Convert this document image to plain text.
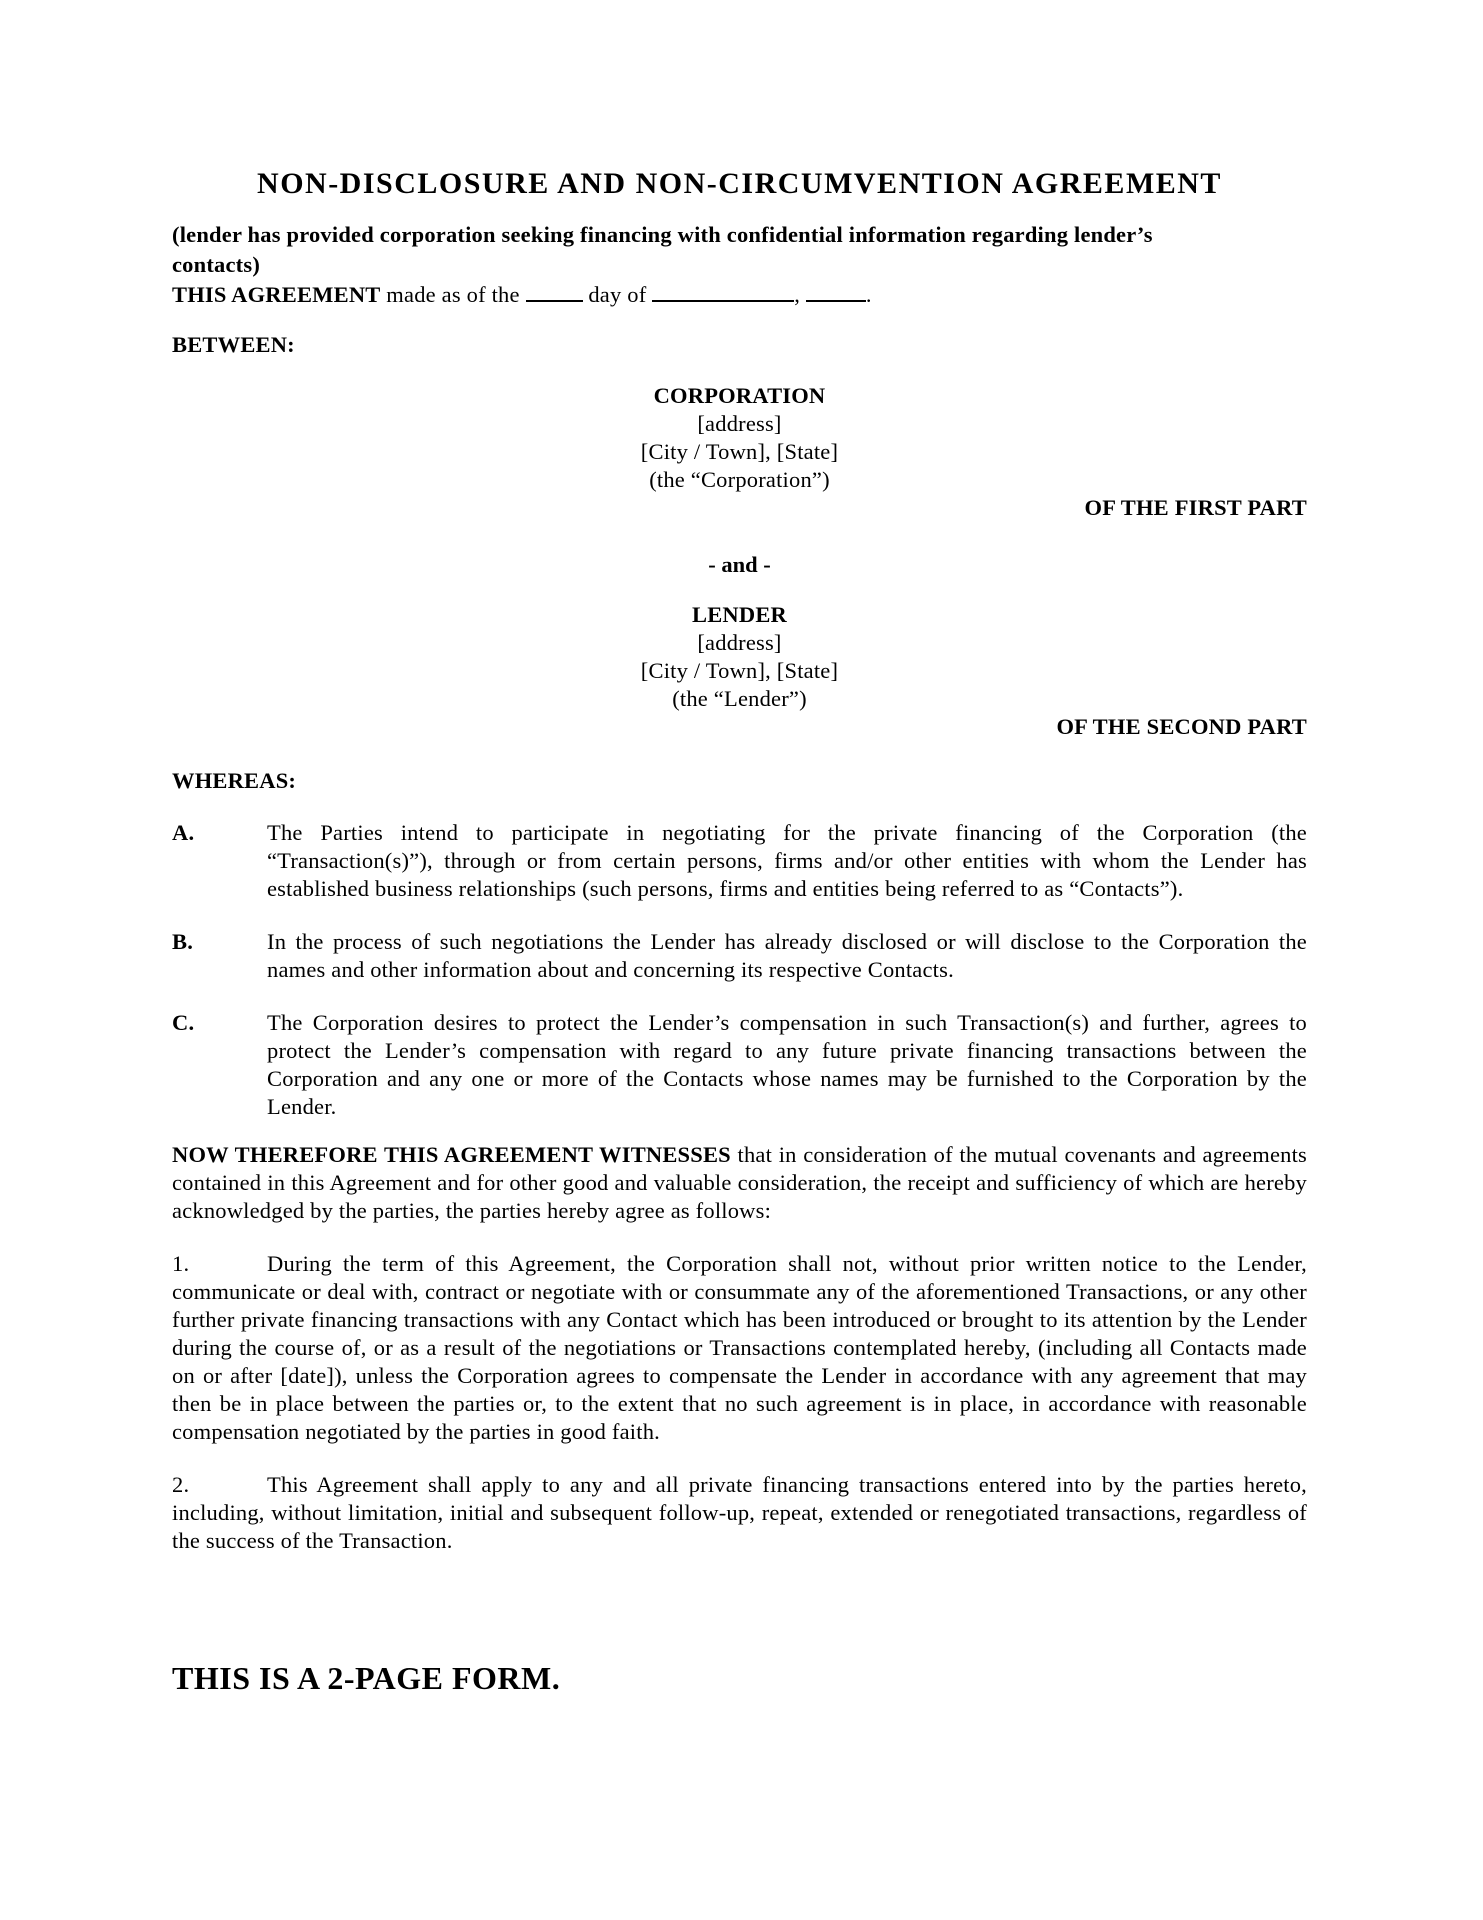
NON-DISCLOSURE AND NON-CIRCUMVENTION AGREEMENT
(lender has provided corporation seeking financing with confidential information regarding lender’s
contacts)
THIS AGREEMENT made as of the	day of	,	.
BETWEEN:
CORPORATION
[address]
[City / Town], [State]
(the “Corporation”)
OF THE FIRST PART
- and -
LENDER
[address]
[City / Town], [State]
(the “Lender”)
OF THE SECOND PART
WHEREAS:
A.	The Parties intend to participate in negotiating for the private financing of the Corporation (the “Transaction(s)”), through or from certain persons, firms and/or other entities with whom the Lender has established business relationships (such persons, firms and entities being referred to as “Contacts”).
B.	In the process of such negotiations the Lender has already disclosed or will disclose to the Corporation the names and other information about and concerning its respective Contacts.
C.	The Corporation desires to protect the Lender’s compensation in such Transaction(s) and further, agrees to protect the Lender’s compensation with regard to any future private financing transactions between the Corporation and any one or more of the Contacts whose names may be furnished to the Corporation by the Lender.
NOW THEREFORE THIS AGREEMENT WITNESSES that in consideration of the mutual covenants and agreements contained in this Agreement and for other good and valuable consideration, the receipt and sufficiency of which are hereby acknowledged by the parties, the parties hereby agree as follows:
1.	During the term of this Agreement, the Corporation shall not, without prior written notice to the Lender, communicate or deal with, contract or negotiate with or consummate any of the aforementioned Transactions, or any other further private financing transactions with any Contact which has been introduced or brought to its attention by the Lender during the course of, or as a result of the negotiations or Transactions contemplated hereby, (including all Contacts made on or after [date]), unless the Corporation agrees to compensate the Lender in accordance with any agreement that may then be in place between the parties or, to the extent that no such agreement is in place, in accordance with reasonable compensation negotiated by the parties in good faith.
2.	This Agreement shall apply to any and all private financing transactions entered into by the parties hereto, including, without limitation, initial and subsequent follow-up, repeat, extended or renegotiated transactions, regardless of the success of the Transaction.
THIS IS A 2-PAGE FORM.
